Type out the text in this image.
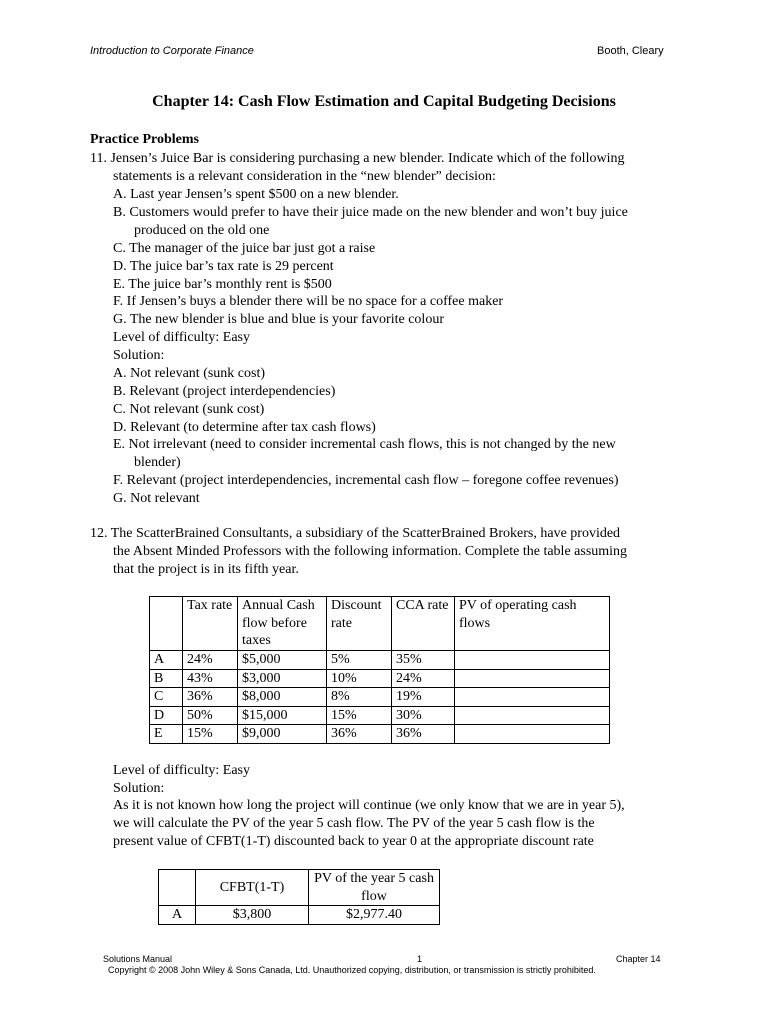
Introduction to Corporate Finance	Booth, Cleary
Chapter 14: Cash Flow Estimation and Capital Budgeting Decisions
Practice Problems
11. Jensen’s Juice Bar is considering purchasing a new blender. Indicate which of the following
statements is a relevant consideration in the “new blender” decision:
A. Last year Jensen’s spent $500 on a new blender.
B. Customers would prefer to have their juice made on the new blender and won’t buy juice
produced on the old one
C. The manager of the juice bar just got a raise
D. The juice bar’s tax rate is 29 percent
E. The juice bar’s monthly rent is $500
F. If Jensen’s buys a blender there will be no space for a coffee maker
G. The new blender is blue and blue is your favorite colour
Level of difficulty: Easy
Solution:
A. Not relevant (sunk cost)
B. Relevant (project interdependencies)
C. Not relevant (sunk cost)
D. Relevant (to determine after tax cash flows)
E. Not irrelevant (need to consider incremental cash flows, this is not changed by the new
blender)
F. Relevant (project interdependencies, incremental cash flow – foregone coffee revenues)
G. Not relevant
12. The ScatterBrained Consultants, a subsidiary of the ScatterBrained Brokers, have provided
the Absent Minded Professors with the following information. Complete the table assuming
that the project is in its fifth year.
	Tax rate	Annual Cash flow before taxes	Discount rate	CCA rate	PV of operating cash flows
A	24%	$5,000	5%	35%	
B	43%	$3,000	10%	24%	
C	36%	$8,000	8%	19%	
D	50%	$15,000	15%	30%	
E	15%	$9,000	36%	36%	
Level of difficulty: Easy
Solution:
As it is not known how long the project will continue (we only know that we are in year 5),
we will calculate the PV of the year 5 cash flow. The PV of the year 5 cash flow is the
present value of CFBT(1-T) discounted back to year 0 at the appropriate discount rate
	CFBT(1-T)	PV of the year 5 cash flow
A	$3,800	$2,977.40
Solutions Manual	1	Chapter 14
Copyright © 2008 John Wiley & Sons Canada, Ltd. Unauthorized copying, distribution, or transmission is strictly prohibited.
